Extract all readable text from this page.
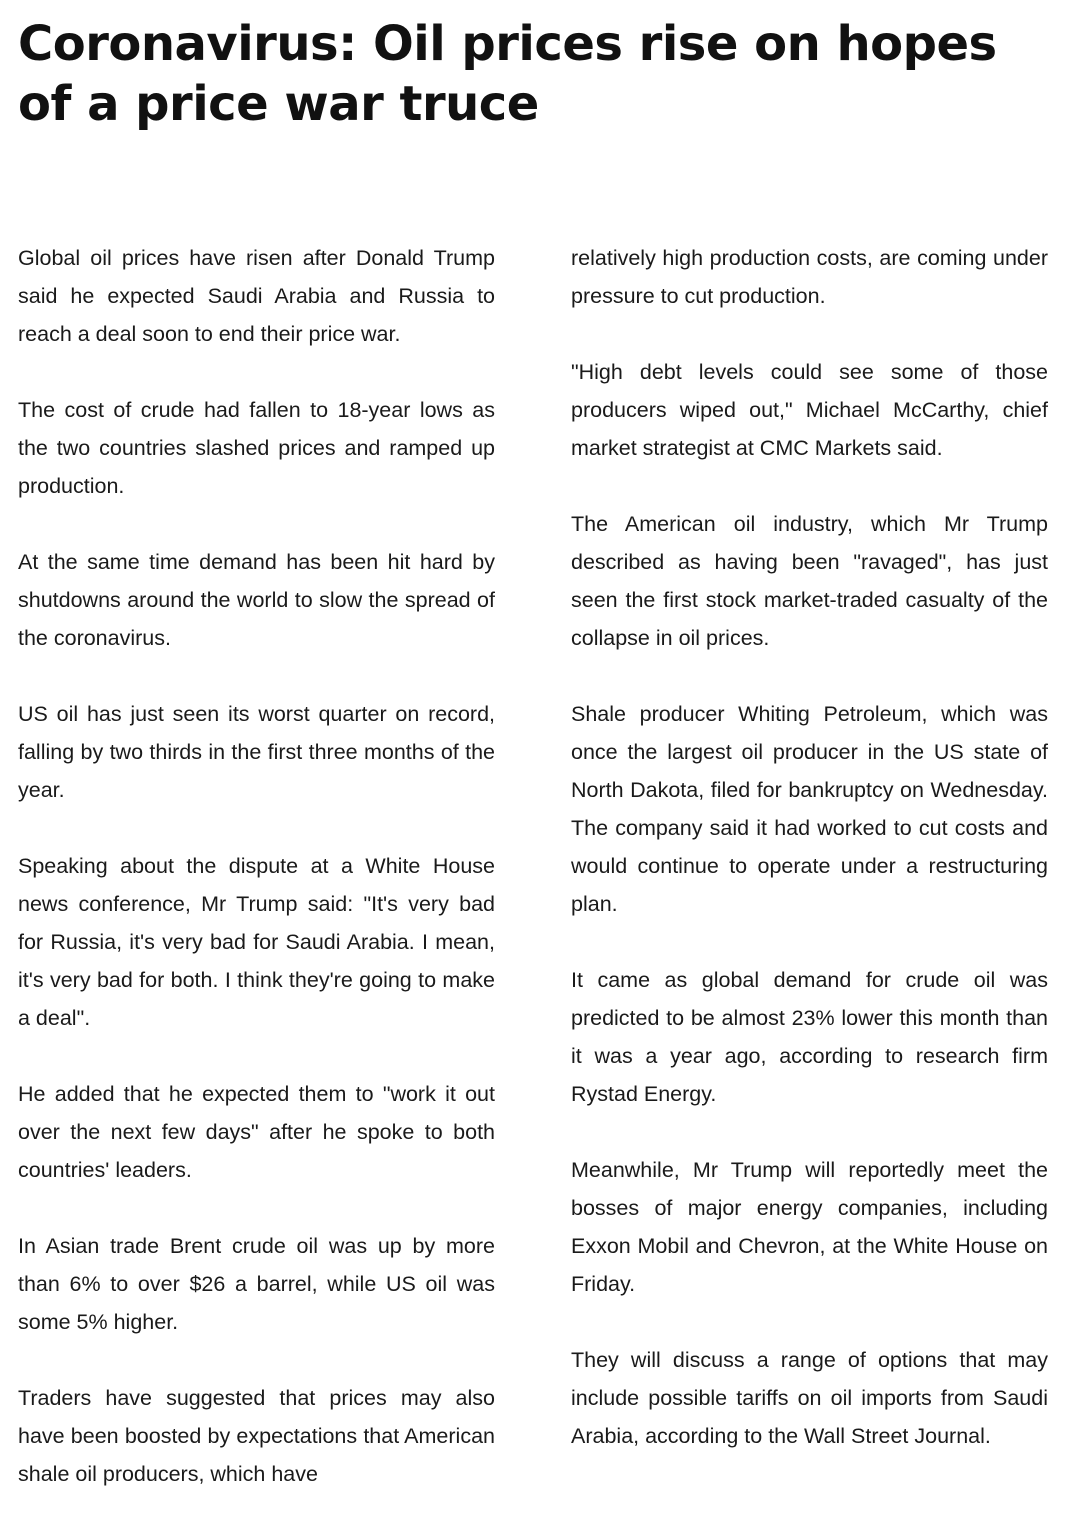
Coronavirus: Oil prices rise on hopes of a price war truce

Global oil prices have risen after Donald Trump said he expected Saudi Arabia and Russia to reach a deal soon to end their price war.

The cost of crude had fallen to 18-year lows as the two countries slashed prices and ramped up production.

At the same time demand has been hit hard by shutdowns around the world to slow the spread of the coronavirus.

US oil has just seen its worst quarter on record, falling by two thirds in the first three months of the year.

Speaking about the dispute at a White House news conference, Mr Trump said: "It's very bad for Russia, it's very bad for Saudi Arabia. I mean, it's very bad for both. I think they're going to make a deal".

He added that he expected them to "work it out over the next few days" after he spoke to both countries' leaders.

In Asian trade Brent crude oil was up by more than 6% to over $26 a barrel, while US oil was some 5% higher.

Traders have suggested that prices may also have been boosted by expectations that American shale oil producers, which have

relatively high production costs, are coming under pressure to cut production.

"High debt levels could see some of those producers wiped out," Michael McCarthy, chief market strategist at CMC Markets said.

The American oil industry, which Mr Trump described as having been "ravaged", has just seen the first stock market-traded casualty of the collapse in oil prices.

Shale producer Whiting Petroleum, which was once the largest oil producer in the US state of North Dakota, filed for bankruptcy on Wednesday. The company said it had worked to cut costs and would continue to operate under a restructuring plan.

It came as global demand for crude oil was predicted to be almost 23% lower this month than it was a year ago, according to research firm Rystad Energy.

Meanwhile, Mr Trump will reportedly meet the bosses of major energy companies, including Exxon Mobil and Chevron, at the White House on Friday.

They will discuss a range of options that may include possible tariffs on oil imports from Saudi Arabia, according to the Wall Street Journal.
